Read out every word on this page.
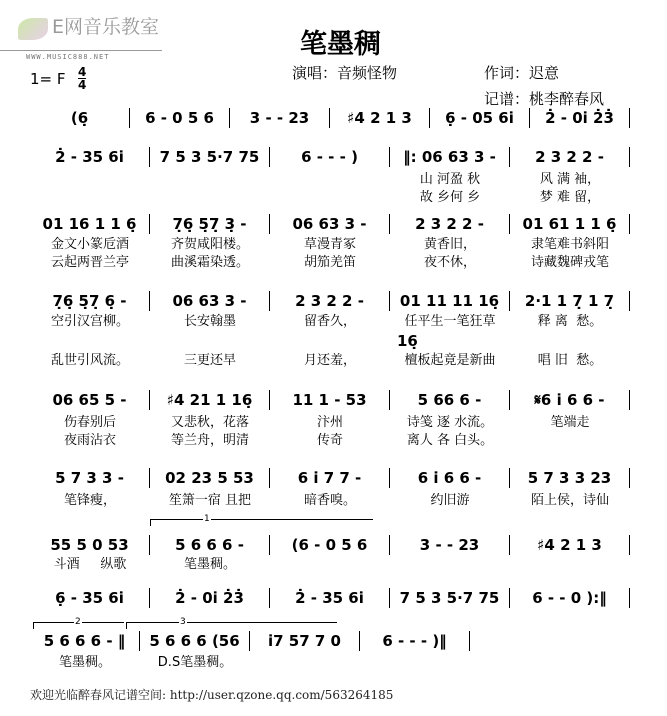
E网音乐教室
WWW.MUSIC888.NET	笔墨稠
1= F 4
4
演唱：音频怪物	作词：迟意
记谱：桃李醉春风
(6̣	6 - 0 5 6	3 - - 23	♯4 2 1 3	6̣ - 05 6i̇	2̇ - 0i̇ 2̇3̇
2̇ - 35 6i̇	7 5 3 5·7 75	6 - - - )	‖: 06 63 3 -	2 3 2 2 -
山 河盈 秋	风 满 袖，
故 乡何 乡	梦 难 留，
01 16 1 1 6̣	7̣6̣ 5̣7̣ 3̣ -	06 63 3 -	2 3 2 2 -	01 61 1 1 6̣
金文小篆卮酒	齐贺咸阳楼。	草漫青冢	黄香旧，	隶笔难书斜阳
云起两晋兰亭	曲溪霜染透。	胡笳羌笛	夜不休，	诗藏魏碑戎笔
7̣6̣ 5̣7̣ 6̣ -	06 63 3 -	2 3 2 2 -	01 11 11 16̣	2·1 1 7̣ 1 7̣
空引汉宫柳。	长安翰墨	留香久，	任平生一笔狂草	释 离  愁。
乱世引风流。	三更还早	月还羞，	檀板起竟是新曲	唱 旧  愁。
06 65 5 -	♯4 21 1 16̣	11 1 - 53	5 66 6 -	𝄋6 i̇ 6 6 -
伤春别后	又悲秋，花落	汴州	诗笺 逐 水流。	笔端走
夜雨沾衣	等兰舟，明清	传奇	离人 各 白头。
5 7 3 3 -	02 23 5 53	6 i̇ 7 7 -	6 i̇ 6 6 -	5 7 3 3 23
笔锋瘦，	笙箫一宿 且把	暗香嗅。	约旧游	陌上侯，诗仙
55 5 0 53	5 6 6 6 -	(6 - 0 5 6	3 - - 23	♯4 2 1 3
斗酒     纵歌	笔墨稠。
6̣ - 35 6i̇	2̇ - 0i̇ 2̇3̇	2̇ - 35 6i̇	7 5 3 5·7 75	6 - - 0 ):‖
5 6 6 6 - ‖	5 6 6 6 (56	i̇7 57 7 0	6 - - - )‖
笔墨稠。	D.S笔墨稠。
16̣
1
2	3
欢迎光临醉春风记谱空间: http://user.qzone.qq.com/563264185
